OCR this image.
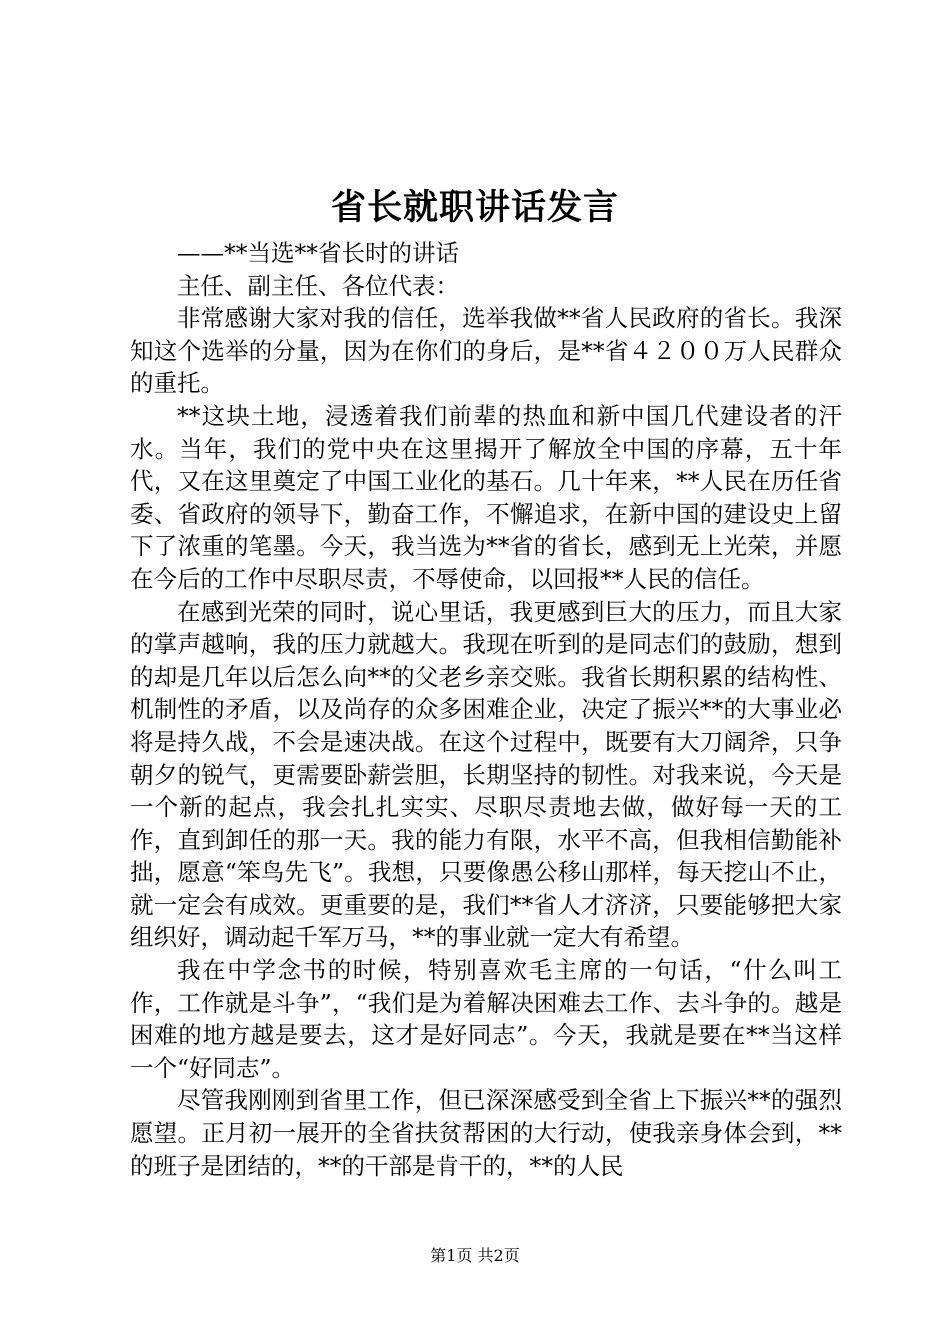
省长就职讲话发言

——**当选**省长时的讲话

主任、副主任、各位代表：

非常感谢大家对我的信任，选举我做**省人民政府的省长。我深知这个选举的分量，因为在你们的身后，是**省４２００万人民群众的重托。

**这块土地，浸透着我们前辈的热血和新中国几代建设者的汗水。当年，我们的党中央在这里揭开了解放全中国的序幕，五十年代，又在这里奠定了中国工业化的基石。几十年来，**人民在历任省委、省政府的领导下，勤奋工作，不懈追求，在新中国的建设史上留下了浓重的笔墨。今天，我当选为**省的省长，感到无上光荣，并愿在今后的工作中尽职尽责，不辱使命，以回报**人民的信任。

在感到光荣的同时，说心里话，我更感到巨大的压力，而且大家的掌声越响，我的压力就越大。我现在听到的是同志们的鼓励，想到的却是几年以后怎么向**的父老乡亲交账。我省长期积累的结构性、机制性的矛盾，以及尚存的众多困难企业，决定了振兴**的大事业必将是持久战，不会是速决战。在这个过程中，既要有大刀阔斧，只争朝夕的锐气，更需要卧薪尝胆，长期坚持的韧性。对我来说，今天是一个新的起点，我会扎扎实实、尽职尽责地去做，做好每一天的工作，直到卸任的那一天。我的能力有限，水平不高，但我相信勤能补拙，愿意“笨鸟先飞”。我想，只要像愚公移山那样，每天挖山不止，就一定会有成效。更重要的是，我们**省人才济济，只要能够把大家组织好，调动起千军万马，**的事业就一定大有希望。

我在中学念书的时候，特别喜欢毛主席的一句话，“什么叫工作，工作就是斗争”，“我们是为着解决困难去工作、去斗争的。越是困难的地方越是要去，这才是好同志”。今天，我就是要在**当这样一个“好同志”。

尽管我刚刚到省里工作，但已深深感受到全省上下振兴**的强烈愿望。正月初一展开的全省扶贫帮困的大行动，使我亲身体会到，**的班子是团结的，**的干部是肯干的，**的人民

第1页 共2页
